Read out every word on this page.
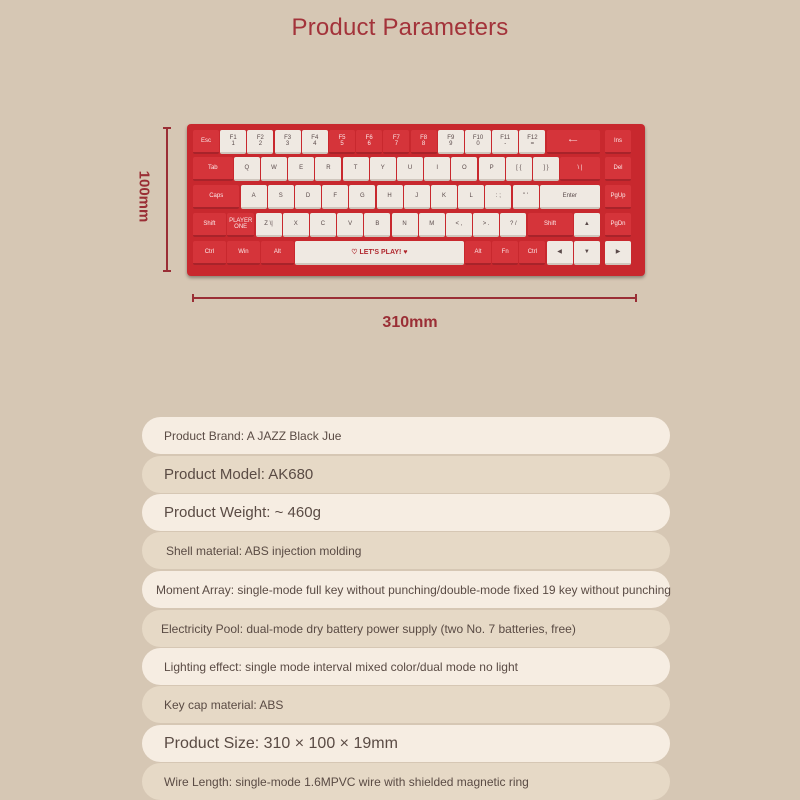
Product Parameters
100mm
310mm
Esc	F1
1
F2
2
F3
3
F4
4
F5
5
F6
6
F7
7
F8
8
F9
9
F10
0
F11
-
F12
=	⟵	Ins
Tab	Q	W	E	R	T	Y	U	I	O	P	[ {	] }	\ |	Del
Caps	A	S	D	F	G	H	J	K	L	: ;	" '	Enter	PgUp
Shift	PLAYER ONE	Z \|	X	C	V	B	N	M	< ,	> .	? /	Shift	▲	PgDn
Ctrl	Win	Alt	♡ LET'S PLAY! ♥	Alt	Fn	Ctrl	◀	▼	▶
Product Brand: A JAZZ Black Jue
Product Model: AK680
Product Weight: ~ 460g
Shell material: ABS injection molding
Moment Array: single-mode full key without punching/double-mode fixed 19 key without punching
Electricity Pool: dual-mode dry battery power supply (two No. 7 batteries, free)
Lighting effect: single mode interval mixed color/dual mode no light
Key cap material: ABS
Product Size: 310 × 100 × 19mm
Wire Length: single-mode 1.6MPVC wire with shielded magnetic ring
